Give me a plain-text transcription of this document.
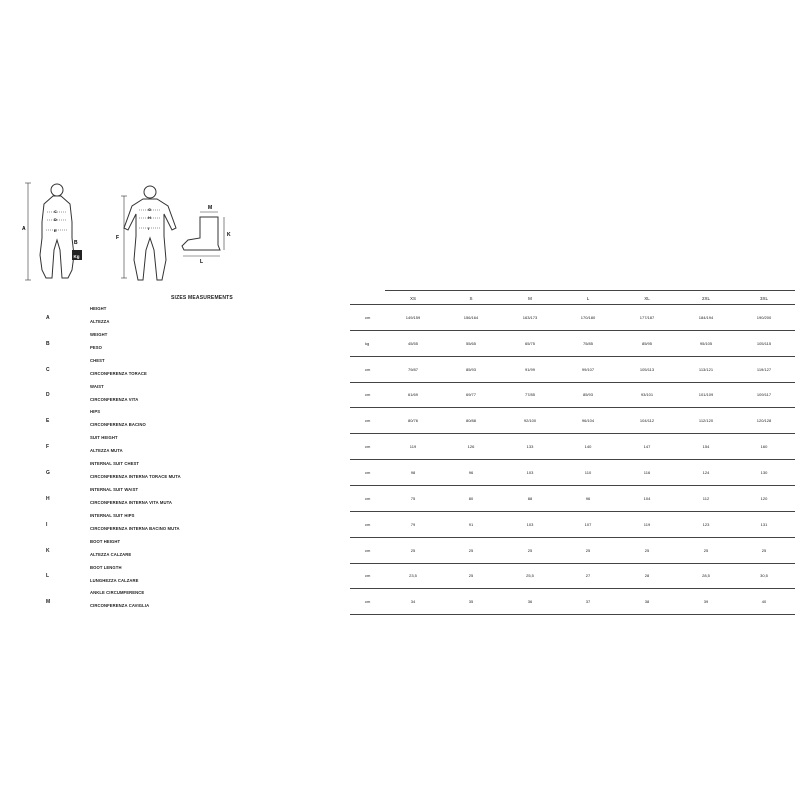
A
C
D
E
B
Kg
F
G
H
I
M
K
L
SIZES MEASUREMENTS	XS	S	M	L	XL	2XL	3XL
A
HEIGHT
ALTEZZA
cm	149/159	156/164	163/173	170/180	177/187	184/194	190/200
B
WEIGHT
PESO
kg	45/55	55/65	65/75	75/85	85/95	95/105	105/115
C
CHEST
CIRCONFERENZA TORACE
cm	79/87	85/93	91/99	99/107	105/113	113/121	119/127
D
WAIST
CIRCONFERENZA VITA
cm	61/69	69/77	77/85	85/93	93/101	101/109	109/117
E
HIPS
CIRCONFERENZA BACINO
cm	80/76	80/88	92/100	96/104	104/112	112/120	120/128
F
SUIT HEIGHT
ALTEZZA MUTA
cm	119	126	133	140	147	154	160
G
INTERNAL SUIT CHEST
CIRCONFERENZA INTERNA TORACE MUTA
cm	98	96	103	110	116	124	130
H
INTERNAL SUIT WAIST
CIRCONFERENZA INTERNA VITA MUTA
cm	75	80	88	96	104	112	120
I
INTERNAL SUIT HIPS
CIRCONFERENZA INTERNA BACINO MUTA
cm	79	91	103	107	119	123	131
K
BOOT HEIGHT
ALTEZZA CALZARE
cm	25	25	25	25	25	25	25
L
BOOT LENGTH
LUNGHEZZA CALZARE
cm	23,5	25	25,5	27	28	28,5	30,5
M
ANKLE CIRCUMFERENCE
CIRCONFERENZA CAVIGLIA
cm	34	35	36	37	38	39	40
